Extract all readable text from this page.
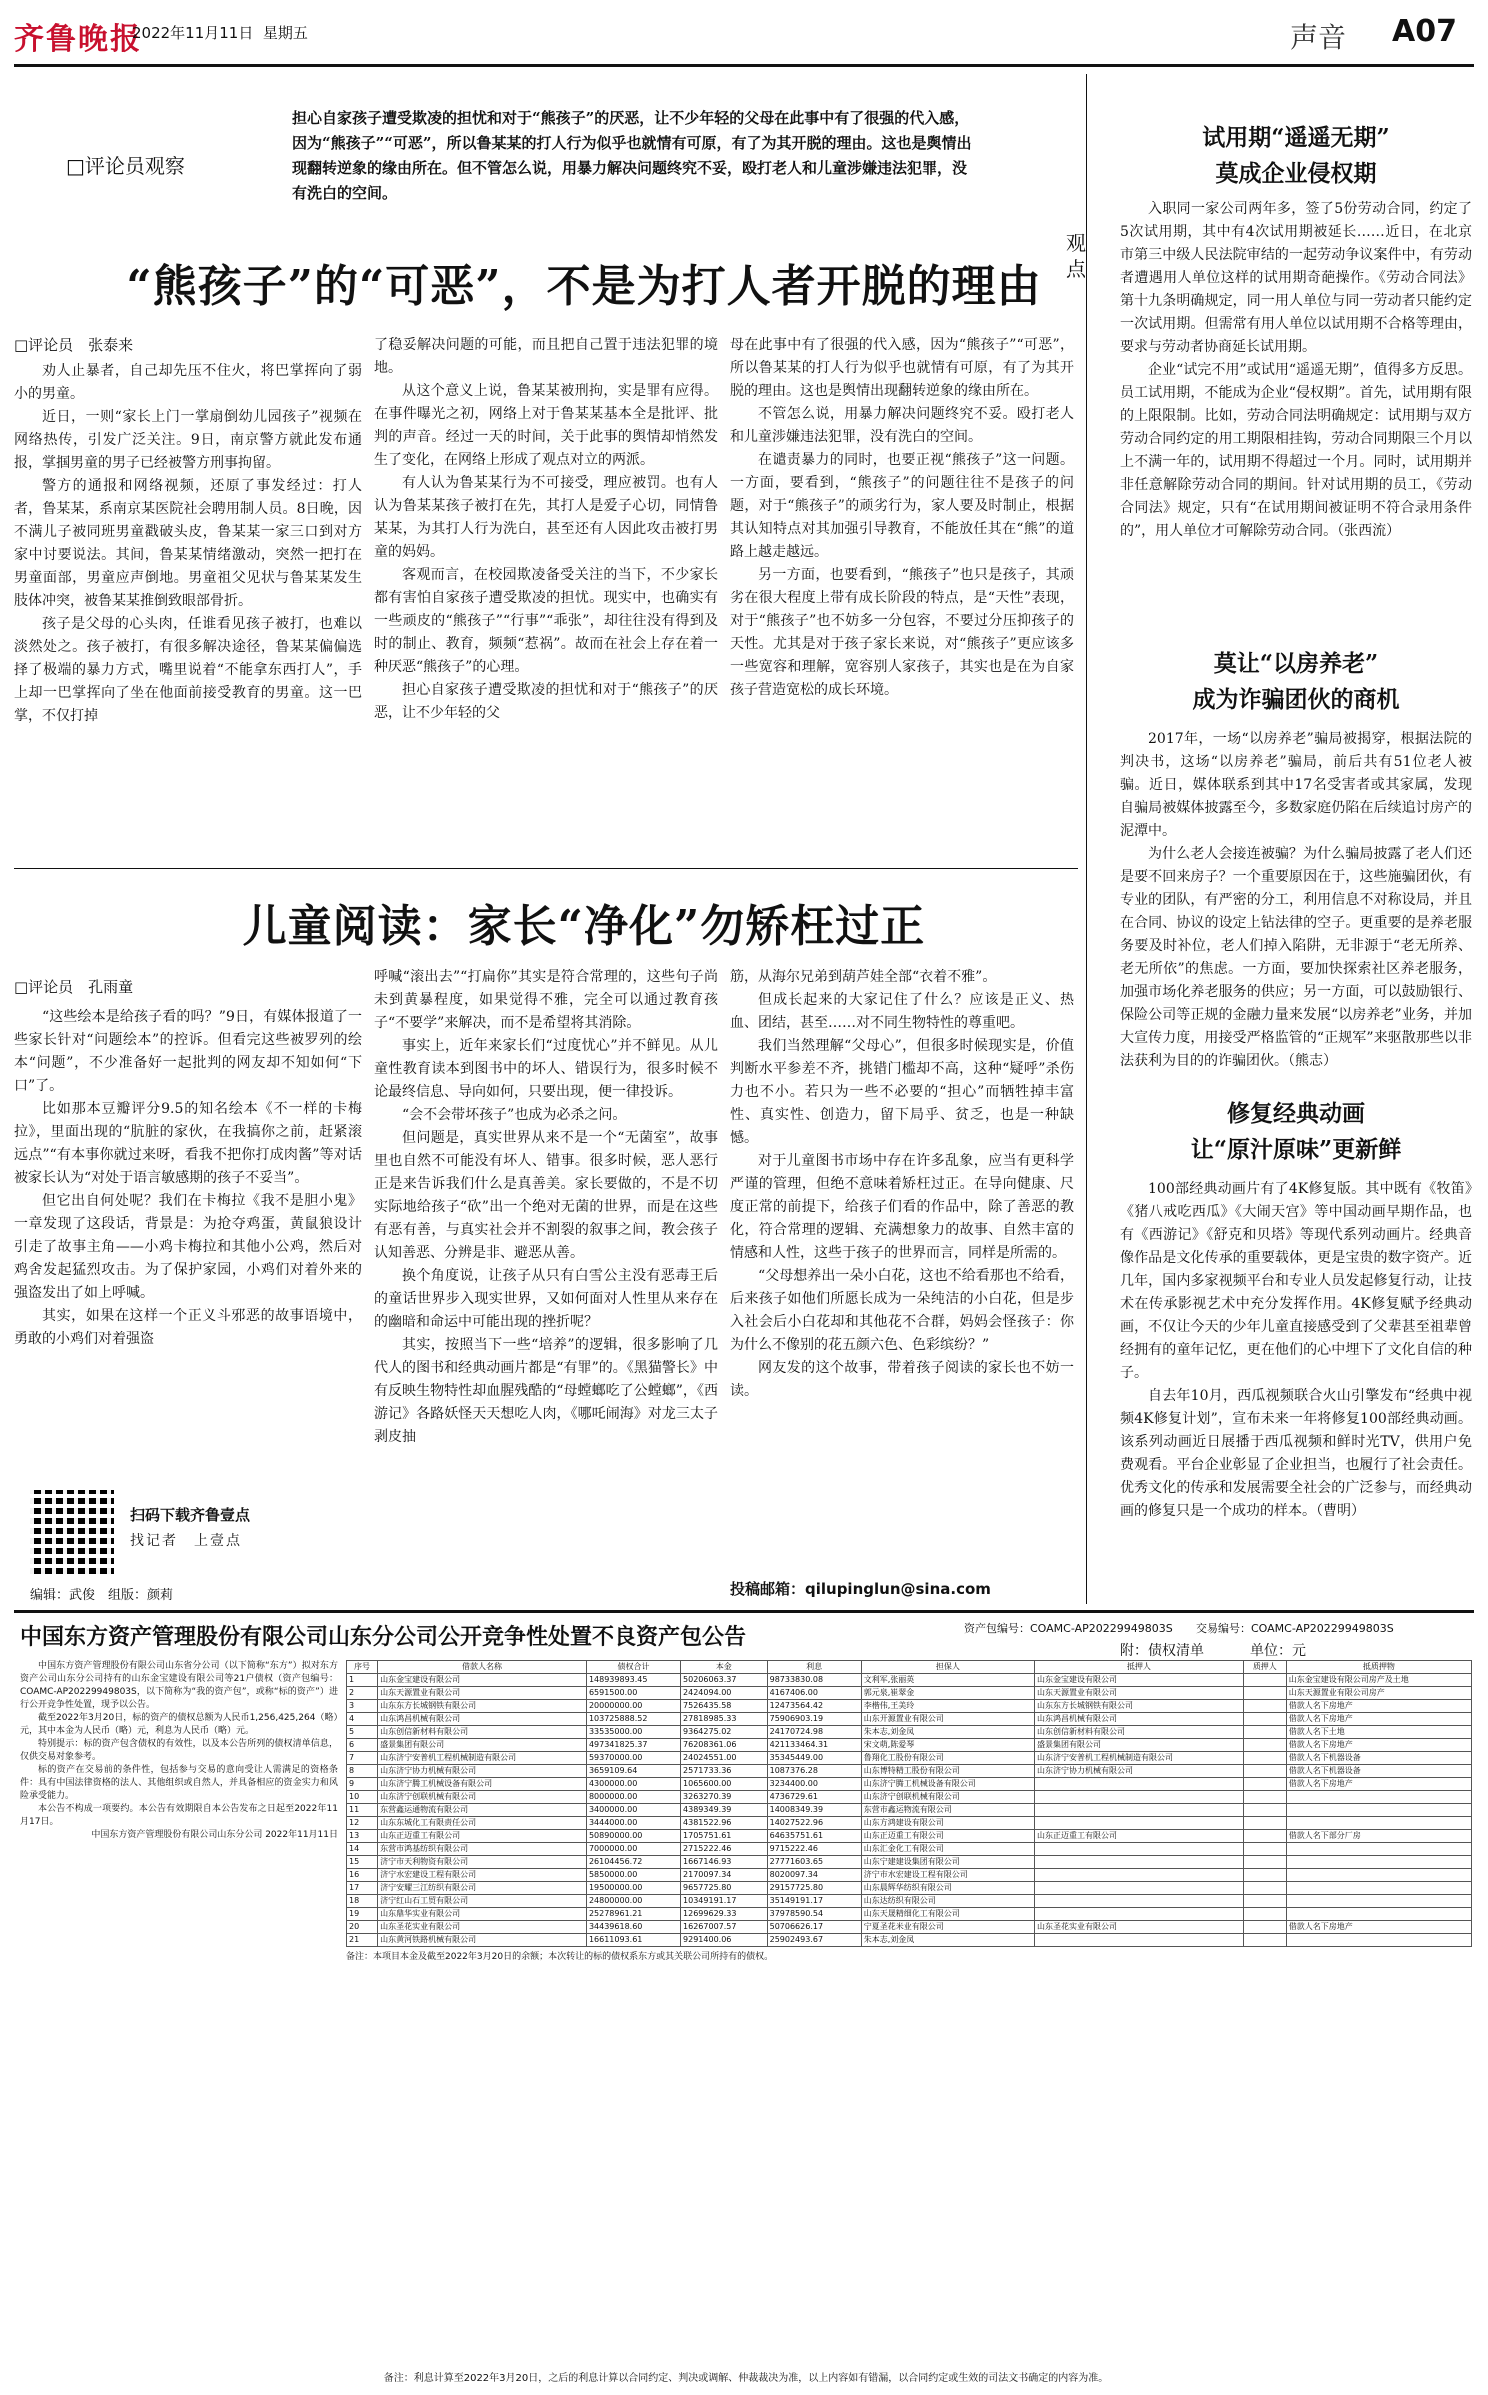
齐鲁晚报
2022年11月11日 星期五	声音 A07
□评论员观察
担心自家孩子遭受欺凌的担忧和对于“熊孩子”的厌恶，让不少年轻的父母在此事中有了很强的代入感，因为“熊孩子”“可恶”，所以鲁某某的打人行为似乎也就情有可原，有了为其开脱的理由。这也是舆情出现翻转逆象的缘由所在。但不管怎么说，用暴力解决问题终究不妥，殴打老人和儿童涉嫌违法犯罪，没有洗白的空间。
“熊孩子”的“可恶”，不是为打人者开脱的理由
□评论员　张泰来

劝人止暴者，自己却先压不住火，将巴掌挥向了弱小的男童。

近日，一则“家长上门一掌扇倒幼儿园孩子”视频在网络热传，引发广泛关注。9日，南京警方就此发布通报，掌掴男童的男子已经被警方刑事拘留。

警方的通报和网络视频，还原了事发经过：打人者，鲁某某，系南京某医院社会聘用制人员。8日晚，因不满儿子被同班男童戳破头皮，鲁某某一家三口到对方家中讨要说法。其间，鲁某某情绪激动，突然一把打在男童面部，男童应声倒地。男童祖父见状与鲁某某发生肢体冲突，被鲁某某推倒致眼部骨折。

孩子是父母的心头肉，任谁看见孩子被打，也难以淡然处之。孩子被打，有很多解决途径，鲁某某偏偏选择了极端的暴力方式，嘴里说着“不能拿东西打人”，手上却一巴掌挥向了坐在他面前接受教育的男童。这一巴掌，不仅打掉

了稳妥解决问题的可能，而且把自己置于违法犯罪的境地。

从这个意义上说，鲁某某被刑拘，实是罪有应得。在事件曝光之初，网络上对于鲁某某基本全是批评、批判的声音。经过一天的时间，关于此事的舆情却悄然发生了变化，在网络上形成了观点对立的两派。

有人认为鲁某某行为不可接受，理应被罚。也有人认为鲁某某孩子被打在先，其打人是爱子心切，同情鲁某某，为其打人行为洗白，甚至还有人因此攻击被打男童的妈妈。

客观而言，在校园欺凌备受关注的当下，不少家长都有害怕自家孩子遭受欺凌的担忧。现实中，也确实有一些顽皮的“熊孩子”“行事”“乖张”，却往往没有得到及时的制止、教育，频频“惹祸”。故而在社会上存在着一种厌恶“熊孩子”的心理。

担心自家孩子遭受欺凌的担忧和对于“熊孩子”的厌恶，让不少年轻的父

母在此事中有了很强的代入感，因为“熊孩子”“可恶”，所以鲁某某的打人行为似乎也就情有可原，有了为其开脱的理由。这也是舆情出现翻转逆象的缘由所在。

不管怎么说，用暴力解决问题终究不妥。殴打老人和儿童涉嫌违法犯罪，没有洗白的空间。

在谴责暴力的同时，也要正视“熊孩子”这一问题。一方面，要看到，“熊孩子”的问题往往不是孩子的问题，对于“熊孩子”的顽劣行为，家人要及时制止，根据其认知特点对其加强引导教育，不能放任其在“熊”的道路上越走越远。

另一方面，也要看到，“熊孩子”也只是孩子，其顽劣在很大程度上带有成长阶段的特点，是“天性”表现，对于“熊孩子”也不妨多一分包容，不要过分压抑孩子的天性。尤其是对于孩子家长来说，对“熊孩子”更应该多一些宽容和理解，宽容别人家孩子，其实也是在为自家孩子营造宽松的成长环境。

儿童阅读：家长“净化”勿矫枉过正
□评论员　孔雨童

“这些绘本是给孩子看的吗？”9日，有媒体报道了一些家长针对“问题绘本”的控诉。但看完这些被罗列的绘本“问题”，不少准备好一起批判的网友却不知如何“下口”了。

比如那本豆瓣评分9.5的知名绘本《不一样的卡梅拉》，里面出现的“肮脏的家伙，在我搞你之前，赶紧滚远点”“有本事你就过来呀，看我不把你打成肉酱”等对话被家长认为“对处于语言敏感期的孩子不妥当”。

但它出自何处呢？我们在卡梅拉《我不是胆小鬼》一章发现了这段话，背景是：为抢夺鸡蛋，黄鼠狼设计引走了故事主角——小鸡卡梅拉和其他小公鸡，然后对鸡舍发起猛烈攻击。为了保护家园，小鸡们对着外来的强盗发出了如上呼喊。

其实，如果在这样一个正义斗邪恶的故事语境中，勇敢的小鸡们对着强盗

呼喊“滚出去”“打扁你”其实是符合常理的，这些句子尚未到黄暴程度，如果觉得不雅，完全可以通过教育孩子“不要学”来解决，而不是希望将其消除。

事实上，近年来家长们“过度忧心”并不鲜见。从儿童性教育读本到图书中的坏人、错误行为，很多时候不论最终信息、导向如何，只要出现，便一律投诉。

“会不会带坏孩子”也成为必杀之问。

但问题是，真实世界从来不是一个“无菌室”，故事里也自然不可能没有坏人、错事。很多时候，恶人恶行正是来告诉我们什么是真善美。家长要做的，不是不切实际地给孩子“砍”出一个绝对无菌的世界，而是在这些有恶有善，与真实社会并不割裂的叙事之间，教会孩子认知善恶、分辨是非、避恶从善。

换个角度说，让孩子从只有白雪公主没有恶毒王后的童话世界步入现实世界，又如何面对人性里从来存在的幽暗和命运中可能出现的挫折呢？

其实，按照当下一些“培养”的逻辑，很多影响了几代人的图书和经典动画片都是“有罪”的。《黑猫警长》中有反映生物特性却血腥残酷的“母螳螂吃了公螳螂”，《西游记》各路妖怪天天想吃人肉，《哪吒闹海》对龙三太子剥皮抽

筋，从海尔兄弟到葫芦娃全部“衣着不雅”。

但成长起来的大家记住了什么？应该是正义、热血、团结，甚至……对不同生物特性的尊重吧。

我们当然理解“父母心”，但很多时候现实是，价值判断水平参差不齐，挑错门槛却不高，这种“疑呼”杀伤力也不小。若只为一些不必要的“担心”而牺牲掉丰富性、真实性、创造力，留下局乎、贫乏，也是一种缺憾。

对于儿童图书市场中存在许多乱象，应当有更科学严谨的管理，但绝不意味着矫枉过正。在导向健康、尺度正常的前提下，给孩子们看的作品中，除了善恶的教化，符合常理的逻辑、充满想象力的故事、自然丰富的情感和人性，这些于孩子的世界而言，同样是所需的。

“父母想养出一朵小白花，这也不给看那也不给看，后来孩子如他们所愿长成为一朵纯洁的小白花，但是步入社会后小白花却和其他花不合群，妈妈会怪孩子：你为什么不像别的花五颜六色、色彩缤纷？”

网友发的这个故事，带着孩子阅读的家长也不妨一读。

扫码下载齐鲁壹点
找记者　上壹点
编辑：武俊　组版：颜莉	投稿邮箱：qilupinglun@sina.com
观点
试用期“遥遥无期”
莫成企业侵权期

入职同一家公司两年多，签了5份劳动合同，约定了5次试用期，其中有4次试用期被延长……近日，在北京市第三中级人民法院审结的一起劳动争议案件中，有劳动者遭遇用人单位这样的试用期奇葩操作。《劳动合同法》第十九条明确规定，同一用人单位与同一劳动者只能约定一次试用期。但需常有用人单位以试用期不合格等理由，要求与劳动者协商延长试用期。

企业“试完不用”或试用“遥遥无期”，值得多方反思。员工试用期，不能成为企业“侵权期”。首先，试用期有限的上限限制。比如，劳动合同法明确规定：试用期与双方劳动合同约定的用工期限相挂钩，劳动合同期限三个月以上不满一年的，试用期不得超过一个月。同时，试用期并非任意解除劳动合同的期间。针对试用期的员工，《劳动合同法》规定，只有“在试用期间被证明不符合录用条件的”，用人单位才可解除劳动合同。（张西流）

莫让“以房养老”
成为诈骗团伙的商机

2017年，一场“以房养老”骗局被揭穿，根据法院的判决书，这场“以房养老”骗局，前后共有51位老人被骗。近日，媒体联系到其中17名受害者或其家属，发现自骗局被媒体披露至今，多数家庭仍陷在后续追讨房产的泥潭中。

为什么老人会接连被骗？为什么骗局披露了老人们还是要不回来房子？一个重要原因在于，这些施骗团伙，有专业的团队，有严密的分工，利用信息不对称设局，并且在合同、协议的设定上钻法律的空子。更重要的是养老服务要及时补位，老人们掉入陷阱，无非源于“老无所养、老无所依”的焦虑。一方面，要加快探索社区养老服务，加强市场化养老服务的供应；另一方面，可以鼓励银行、保险公司等正规的金融力量来发展“以房养老”业务，并加大宣传力度，用接受严格监管的“正规军”来驱散那些以非法获利为目的的诈骗团伙。（熊志）

修复经典动画
让“原汁原味”更新鲜

100部经典动画片有了4K修复版。其中既有《牧笛》《猪八戒吃西瓜》《大闹天宫》等中国动画早期作品，也有《西游记》《舒克和贝塔》等现代系列动画片。经典音像作品是文化传承的重要载体，更是宝贵的数字资产。近几年，国内多家视频平台和专业人员发起修复行动，让技术在传承影视艺术中充分发挥作用。4K修复赋予经典动画，不仅让今天的少年儿童直接感受到了父辈甚至祖辈曾经拥有的童年记忆，更在他们的心中埋下了文化自信的种子。

自去年10月，西瓜视频联合火山引擎发布“经典中视频4K修复计划”，宣布未来一年将修复100部经典动画。该系列动画近日展播于西瓜视频和鲜时光TV，供用户免费观看。平台企业彰显了企业担当，也履行了社会责任。优秀文化的传承和发展需要全社会的广泛参与，而经典动画的修复只是一个成功的样本。（曹明）

中国东方资产管理股份有限公司山东分公司公开竞争性处置不良资产包公告	资产包编号：COAMC-AP20229949803S 交易编号：COAMC-AP20229949803S
附：债权清单	单位：元

中国东方资产管理股份有限公司山东省分公司（以下简称“东方”）拟对东方资产公司山东分公司持有的山东金宝建设有限公司等21户债权（资产包编号：COAMC-AP20229949803S，以下简称为“我的资产包”，或称“标的资产”）进行公开竞争性处置，现予以公告。

截至2022年3月20日，标的资产的债权总额为人民币1,256,425,264（略）元，其中本金为人民币（略）元，利息为人民币（略）元。

特别提示：标的资产包含债权的有效性，以及本公告所列的债权清单信息，仅供交易对象参考。

标的资产在交易前的条件性，包括参与交易的意向受让人需满足的资格条件：具有中国法律资格的法人、其他组织或自然人，并具备相应的资金实力和风险承受能力。

本公告不构成一项要约。本公告有效期限自本公告发布之日起至2022年11月17日。

中国东方资产管理股份有限公司山东分公司 2022年11月11日

序号	借款人名称	债权合计	本金	利息	担保人	抵押人	质押人	抵质押物
1	山东金宝建设有限公司	148939893.45	50206063.37	98733830.08	文利军,张丽英	山东金宝建设有限公司		山东金宝建设有限公司房产及土地
2	山东天源置业有限公司	6591500.00	2424094.00	4167406.00	郭元泉,崔翠金	山东天源置业有限公司		山东天源置业有限公司房产
3	山东东方长城钢铁有限公司	20000000.00	7526435.58	12473564.42	李楷伟,王美玲	山东东方长城钢铁有限公司		借款人名下房地产
4	山东鸿昌机械有限公司	103725888.52	27818985.33	75906903.19	山东开源置业有限公司	山东鸿昌机械有限公司		借款人名下房地产
5	山东创信新材料有限公司	33535000.00	9364275.02	24170724.98	朱本志,刘金凤	山东创信新材料有限公司		借款人名下土地
6	盛景集团有限公司	497341825.37	76208361.06	421133464.31	宋文萌,陈爱琴	盛景集团有限公司		借款人名下房地产
7	山东济宁安普机工程机械制造有限公司	59370000.00	24024551.00	35345449.00	鲁翔化工股份有限公司	山东济宁安普机工程机械制造有限公司		借款人名下机器设备
8	山东济宁协力机械有限公司	3659109.64	2571733.36	1087376.28	山东博特精工股份有限公司	山东济宁协力机械有限公司		借款人名下机器设备
9	山东济宁腾工机械设备有限公司	4300000.00	1065600.00	3234400.00	山东济宁腾工机械设备有限公司			借款人名下房地产
10	山东济宁创联机械有限公司	8000000.00	3263270.39	4736729.61	山东济宁创联机械有限公司			
11	东营鑫运通物流有限公司	3400000.00	4389349.39	14008349.39	东营市鑫运物流有限公司			
12	山东东城化工有限责任公司	3444000.00	4381522.96	14027522.96	山东方鸿建设有限公司			
13	山东正迈重工有限公司	50890000.00	1705751.61	64635751.61	山东正迈重工有限公司	山东正迈重工有限公司		借款人名下部分厂房
14	东营市鸿基纺织有限公司	7000000.00	2715222.46	9715222.46	山东汇金化工有限公司			
15	济宁市天利物资有限公司	26104456.72	1667146.93	27771603.65	山东宁建建设集团有限公司			
16	济宁水宏建设工程有限公司	5850000.00	2170097.34	8020097.34	济宁市水宏建设工程有限公司			
17	济宁安耀三江纺织有限公司	19500000.00	9657725.80	29157725.80	山东晨辉华纺织有限公司			
18	济宁红山石工贸有限公司	24800000.00	10349191.17	35149191.17	山东达纺织有限公司			
19	山东鼎华实业有限公司	25278961.21	12699629.33	37978590.54	山东天晟精细化工有限公司			
20	山东圣花实业有限公司	34439618.60	16267007.57	50706626.17	宁夏圣花米业有限公司	山东圣花实业有限公司		借款人名下房地产
21	山东黄河铁路机械有限公司	16611093.61	9291400.06	25902493.67	朱本志,刘金凤			
备注：本项目本金及截至2022年3月20日的余额；本次转让的标的债权系东方或其关联公司所持有的债权。
备注：利息计算至2022年3月20日，之后的利息计算以合同约定、判决或调解、仲裁裁决为准，以上内容如有错漏，以合同约定或生效的司法文书确定的内容为准。
